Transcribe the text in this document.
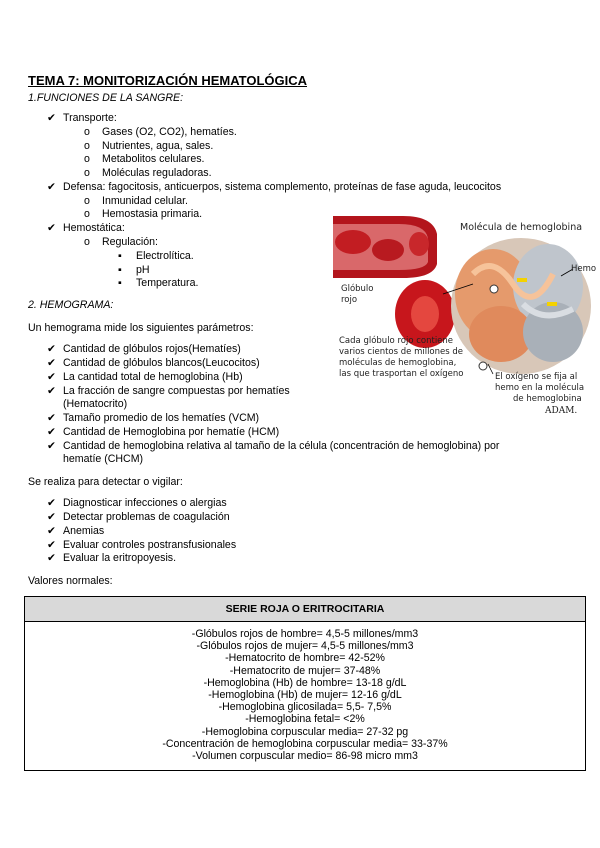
TEMA 7: MONITORIZACIÓN HEMATOLÓGICA
1.FUNCIONES DE LA SANGRE:
✔ Transporte:
o Gases (O2, CO2), hematíes.
o Nutrientes, agua, sales.
o Metabolitos celulares.
o Moléculas reguladoras.
✔ Defensa: fagocitosis, anticuerpos, sistema complemento, proteínas de fase aguda, leucocitos
o Inmunidad celular.
o Hemostasia primaria.
✔ Hemostática:
o Regulación:
▪ Electrolítica.
▪ pH
▪ Temperatura.
2. HEMOGRAMA:
Un hemograma mide los siguientes parámetros:
✔ Cantidad de glóbulos rojos(Hematíes)
✔ Cantidad de glóbulos blancos(Leucocitos)
✔ La cantidad total de hemoglobina (Hb)
✔ La fracción de sangre compuestas por hematíes
(Hematocrito)
✔ Tamaño promedio de los hematíes (VCM)
✔ Cantidad de Hemoglobina por hematíe (HCM)
✔ Cantidad de hemoglobina relativa al tamaño de la célula (concentración de hemoglobina) por
hematíe (CHCM)
Se realiza para detectar o vigilar:
✔ Diagnosticar infecciones o alergias
✔ Detectar problemas de coagulación
✔ Anemias
✔ Evaluar controles postransfusionales
✔ Evaluar la eritropoyesis.
Valores normales:
Molécula de hemoglobina
Hemo
Glóbulo
rojo
Cada glóbulo rojo contiene
varios cientos de millones de
moléculas de hemoglobina,
las que trasportan el oxígeno	El oxígeno se fija al
hemo en la molécula
de hemoglobina
ADAM.
SERIE ROJA O ERITROCITARIA
-Glóbulos rojos de hombre= 4,5-5 millones/mm3
-Glóbulos rojos de mujer= 4,5-5 millones/mm3
-Hematocrito de hombre= 42-52%
-Hematocrito de mujer= 37-48%
-Hemoglobina (Hb) de hombre= 13-18 g/dL
-Hemoglobina (Hb) de mujer= 12-16 g/dL
-Hemoglobina glicosilada= 5,5- 7,5%
-Hemoglobina fetal= <2%
-Hemoglobina corpuscular media= 27-32 pg
-Concentración de hemoglobina corpuscular media= 33-37%
-Volumen corpuscular medio= 86-98 micro mm3
